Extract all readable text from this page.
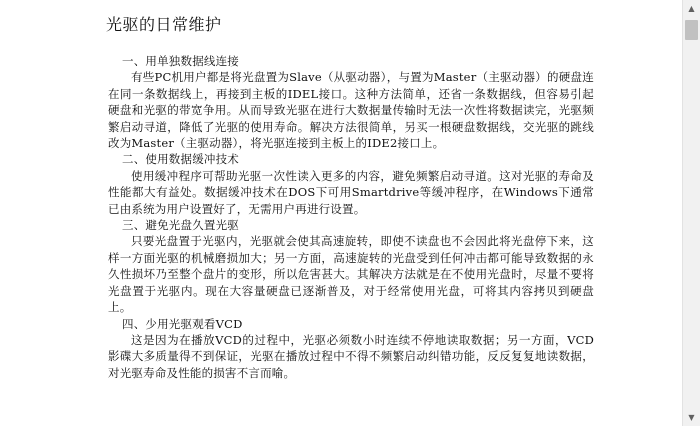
光驱的日常维护

一、用单独数据线连接

有些PC机用户都是将光盘置为Slave（从驱动器），与置为Master（主驱动器）的硬盘连在同一条数据线上，再接到主板的IDEL接口。这种方法简单，还省一条数据线，但容易引起硬盘和光驱的带宽争用。从而导致光驱在进行大数据量传输时无法一次性将数据读完，光驱频繁启动寻道，降低了光驱的使用寿命。解决方法很简单，另买一根硬盘数据线，交光驱的跳线改为Master（主驱动器），将光驱连接到主板上的IDE2接口上。

二、使用数据缓冲技术

使用缓冲程序可帮助光驱一次性读入更多的内容，避免频繁启动寻道。这对光驱的寿命及性能都大有益处。数据缓冲技术在DOS下可用Smartdrive等缓冲程序，在Windows下通常已由系统为用户设置好了，无需用户再进行设置。

三、避免光盘久置光驱

只要光盘置于光驱内，光驱就会使其高速旋转，即使不读盘也不会因此将光盘停下来，这样一方面光驱的机械磨损加大；另一方面，高速旋转的光盘受到任何冲击都可能导致数据的永久性损坏乃至整个盘片的变形，所以危害甚大。其解决方法就是在不使用光盘时，尽量不要将光盘置于光驱内。现在大容量硬盘已逐渐普及，对于经常使用光盘，可将其内容拷贝到硬盘上。

四、少用光驱观看VCD

这是因为在播放VCD的过程中，光驱必须数小时连续不停地读取数据；另一方面，VCD影碟大多质量得不到保证，光驱在播放过程中不得不频繁启动纠错功能，反反复复地读数据，对光驱寿命及性能的损害不言而喻。

▲
▼
